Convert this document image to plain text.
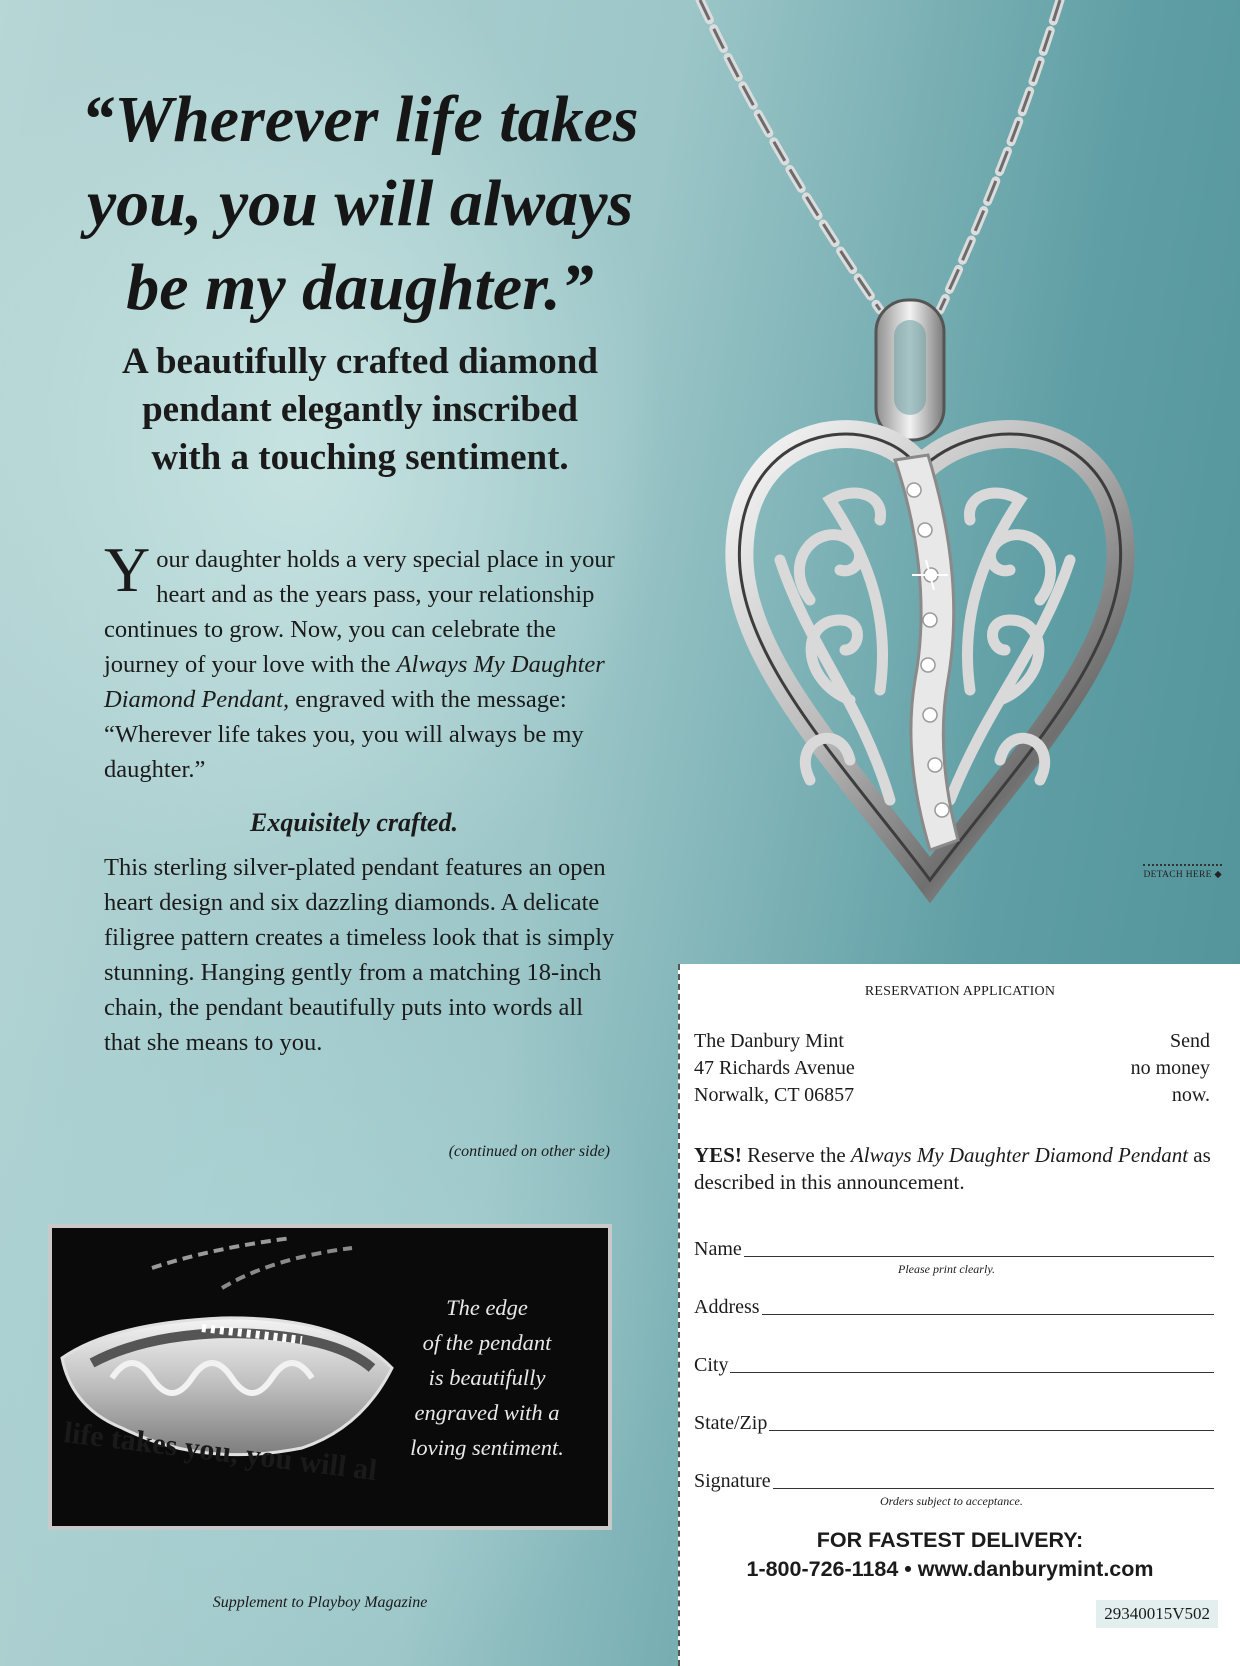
“Wherever life takes
you, you will always
be my daughter.”
A beautifully crafted diamond
pendant elegantly inscribed
with a touching sentiment.

Your daughter holds a very special place in your heart and as the years pass, your relationship continues to grow. Now, you can celebrate the journey of your love with the Always My Daughter Diamond Pendant, engraved with the message: “Wherever life takes you, you will always be my daughter.”

Exquisitely crafted.

This sterling silver-plated pendant features an open heart design and six dazzling diamonds. A delicate filigree pattern creates a timeless look that is simply stunning. Hanging gently from a matching 18-inch chain, the pendant beautifully puts into words all that she means to you.

(continued on other side)
life takes you, you will al

The edge
of the pendant
is beautifully
engraved with a
loving sentiment.

Supplement to Playboy Magazine
DETACH HERE ◆
RESERVATION APPLICATION
The Danbury Mint
47 Richards Avenue
Norwalk, CT 06857
Send
no money
now.

YES! Reserve the Always My Daughter Diamond Pendant as described in this announcement.

Name
Please print clearly.
Address
City
State/Zip
Signature
Orders subject to acceptance.
FOR FASTEST DELIVERY:
1-800-726-1184 • www.danburymint.com
29340015V502
